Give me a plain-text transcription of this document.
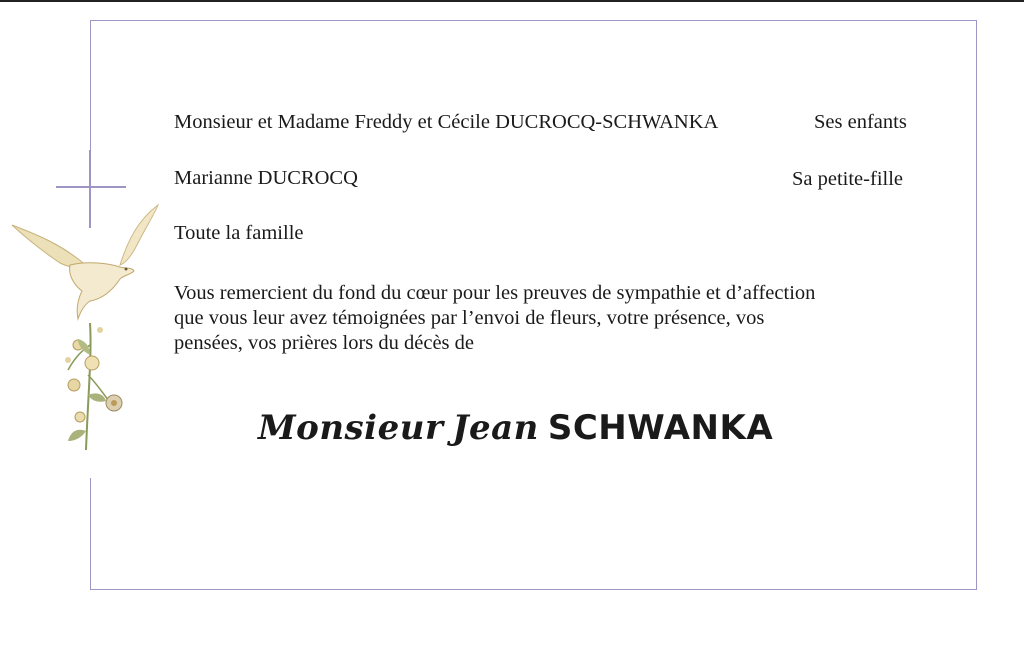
Monsieur et Madame Freddy et Cécile DUCROCQ-SCHWANKA	Ses enfants
Marianne DUCROCQ	Sa petite-fille
Toute la famille
Vous remercient du fond du cœur pour les preuves de sympathie et d’affection
que vous leur avez témoignées par l’envoi de fleurs, votre présence, vos
pensées, vos prières lors du décès de
Monsieur Jean SCHWANKA
